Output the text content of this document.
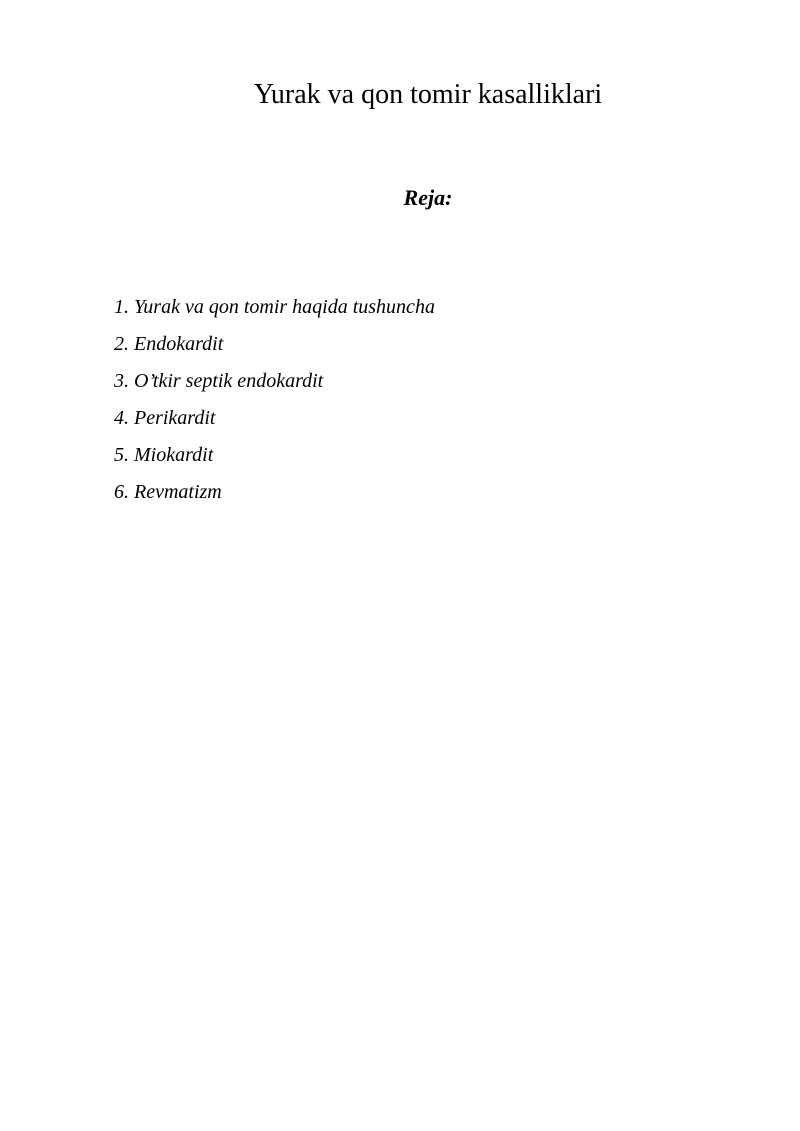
Yurak va qon tomir kasalliklari
Reja:
1. Yurak va qon tomir haqida tushuncha
2. Endokardit
3. O’tkir septik endokardit
4. Perikardit
5. Miokardit
6. Revmatizm
